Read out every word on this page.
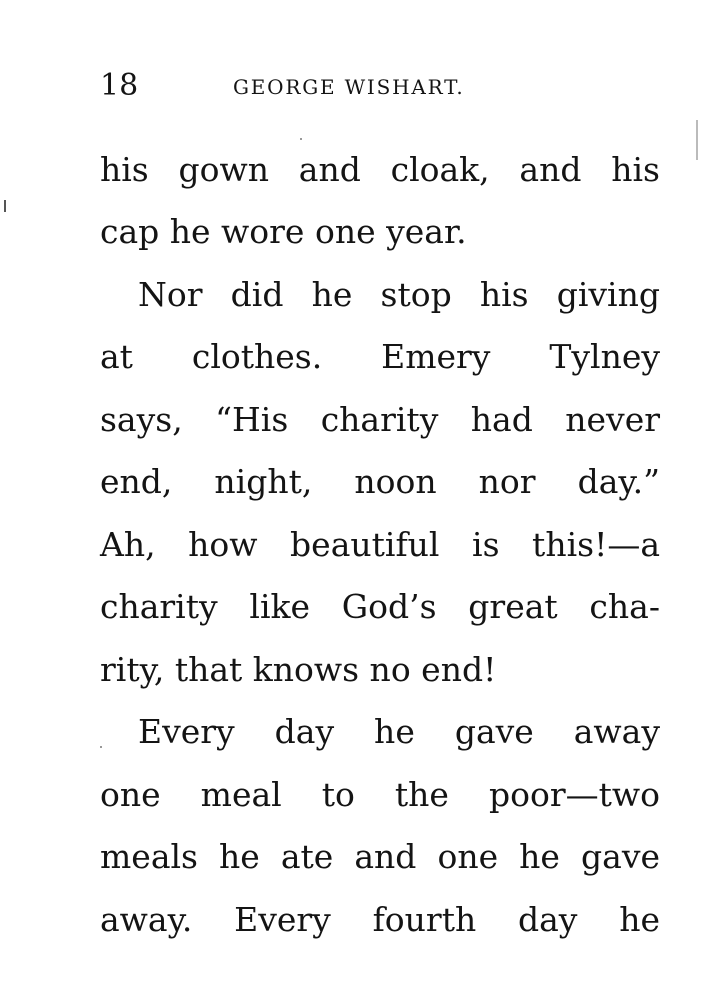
18	GEORGE WISHART.
his gown and cloak, and his
cap he wore one year.
Nor did he stop his giving
at clothes. Emery Tylney
says, “His charity had never
end, night, noon nor day.”
Ah, how beautiful is this!—a
charity like God’s great cha-
rity, that knows no end!
Every day he gave away
one meal to the poor—two
meals he ate and one he gave
away. Every fourth day he
